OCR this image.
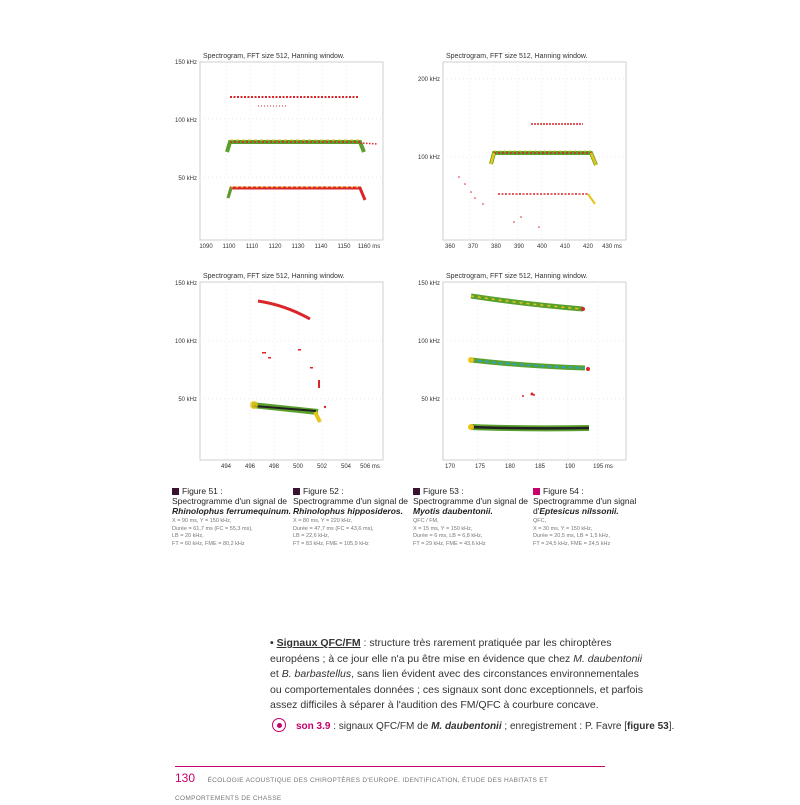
Spectrogram, FFT size 512, Hanning window.
150 kHz
100 kHz
50 kHz
1090 1100 1110 1120 1130 1140 1150 1160 ms
Spectrogram, FFT size 512, Hanning window.
200 kHz
100 kHz
360 370 380 390 400 410 420 430 ms
Spectrogram, FFT size 512, Hanning window.
150 kHz
100 kHz
50 kHz
494 496 498 500 502 504 506 ms
Spectrogram, FFT size 512, Hanning window.
150 kHz
100 kHz
50 kHz
170	175	180	185	190	195 ms
Figure 51 :
Spectrogramme d'un signal de Rhinolophus ferrumequinum.
X = 90 ms, Y = 150 kHz,
Durée = 61,7 ms (FC = 55,3 ms),
LB = 20 kHz,
FT = 60 kHz, FME = 80,2 kHz
Figure 52 :
Spectrogramme d'un signal de Rhinolophus hipposideros.
X = 80 ms, Y = 220 kHz,
Durée = 47,7 ms (FC = 43,6 ms),
LB = 22,6 kHz,
FT = 83 kHz, FME = 105,9 kHz
Figure 53 :
Spectrogramme d'un signal de Myotis daubentonii.
QFC / FM,
X = 15 ms, Y = 150 kHz,
Durée = 6 ms, LB = 6,8 kHz,
FT = 29 kHz, FME = 43,6 kHz
Figure 54 :
Spectrogramme d'un signal d'Eptesicus nilssonii.
QFC,
X = 30 ms, Y = 150 kHz,
Durée = 20,5 ms, LB = 1,5 kHz,
FT = 24,5 kHz, FME = 24,5 kHz
• Signaux QFC/FM : structure très rarement pratiquée par les chiroptères européens ; à ce jour elle n'a pu être mise en évidence que chez M. daubentonii et B. barbastellus, sans lien évident avec des circonstances environnementales ou comportementales données ; ces signaux sont donc exceptionnels, et parfois assez difficiles à séparer à l'audition des FM/QFC à courbure concave.
son 3.9 : signaux QFC/FM de M. daubentonii ; enregistrement : P. Favre [figure 53].
130 ÉCOLOGIE ACOUSTIQUE DES CHIROPTÈRES D'EUROPE. IDENTIFICATION, ÉTUDE DES HABITATS ET COMPORTEMENTS DE CHASSE
